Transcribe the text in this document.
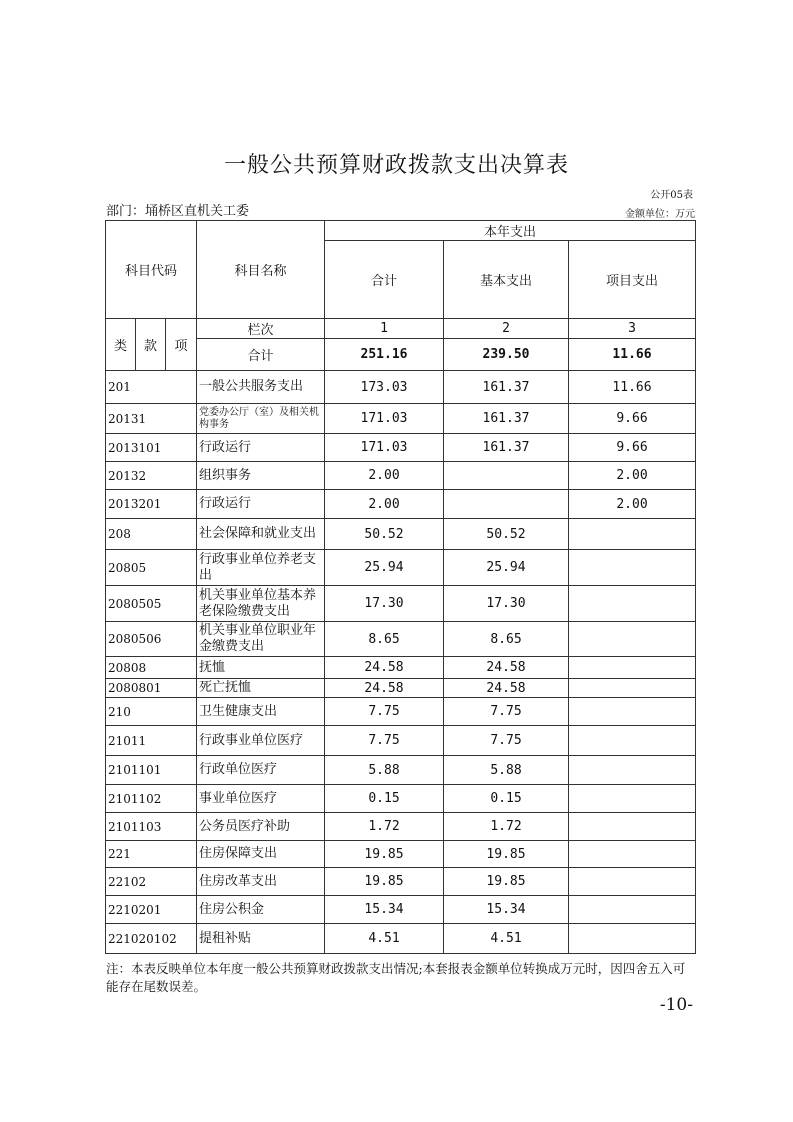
一般公共预算财政拨款支出决算表
公开05表
部门：埇桥区直机关工委	金额单位：万元
科目代码			科目名称	本年支出		
				合计	基本支出	项目支出
类	款	项	栏次	1	2	3
			合计	251.16	239.50	11.66
201			一般公共服务支出	173.03	161.37	11.66
20131			党委办公厅（室）及相关机构事务	171.03	161.37	9.66
2013101			行政运行	171.03	161.37	9.66
20132			组织事务	2.00		2.00
2013201			行政运行	2.00		2.00
208			社会保障和就业支出	50.52	50.52	
20805			行政事业单位养老支出	25.94	25.94	
2080505			机关事业单位基本养老保险缴费支出	17.30	17.30	
2080506			机关事业单位职业年金缴费支出	8.65	8.65	
20808			抚恤	24.58	24.58	
2080801			死亡抚恤	24.58	24.58	
210			卫生健康支出	7.75	7.75	
21011			行政事业单位医疗	7.75	7.75	
2101101			行政单位医疗	5.88	5.88	
2101102			事业单位医疗	0.15	0.15	
2101103			公务员医疗补助	1.72	1.72	
221			住房保障支出	19.85	19.85	
22102			住房改革支出	19.85	19.85	
2210201			住房公积金	15.34	15.34	
221020102			提租补贴	4.51	4.51	
注：本表反映单位本年度一般公共预算财政拨款支出情况;本套报表金额单位转换成万元时，因四舍五入可能存在尾数误差。
-10-
